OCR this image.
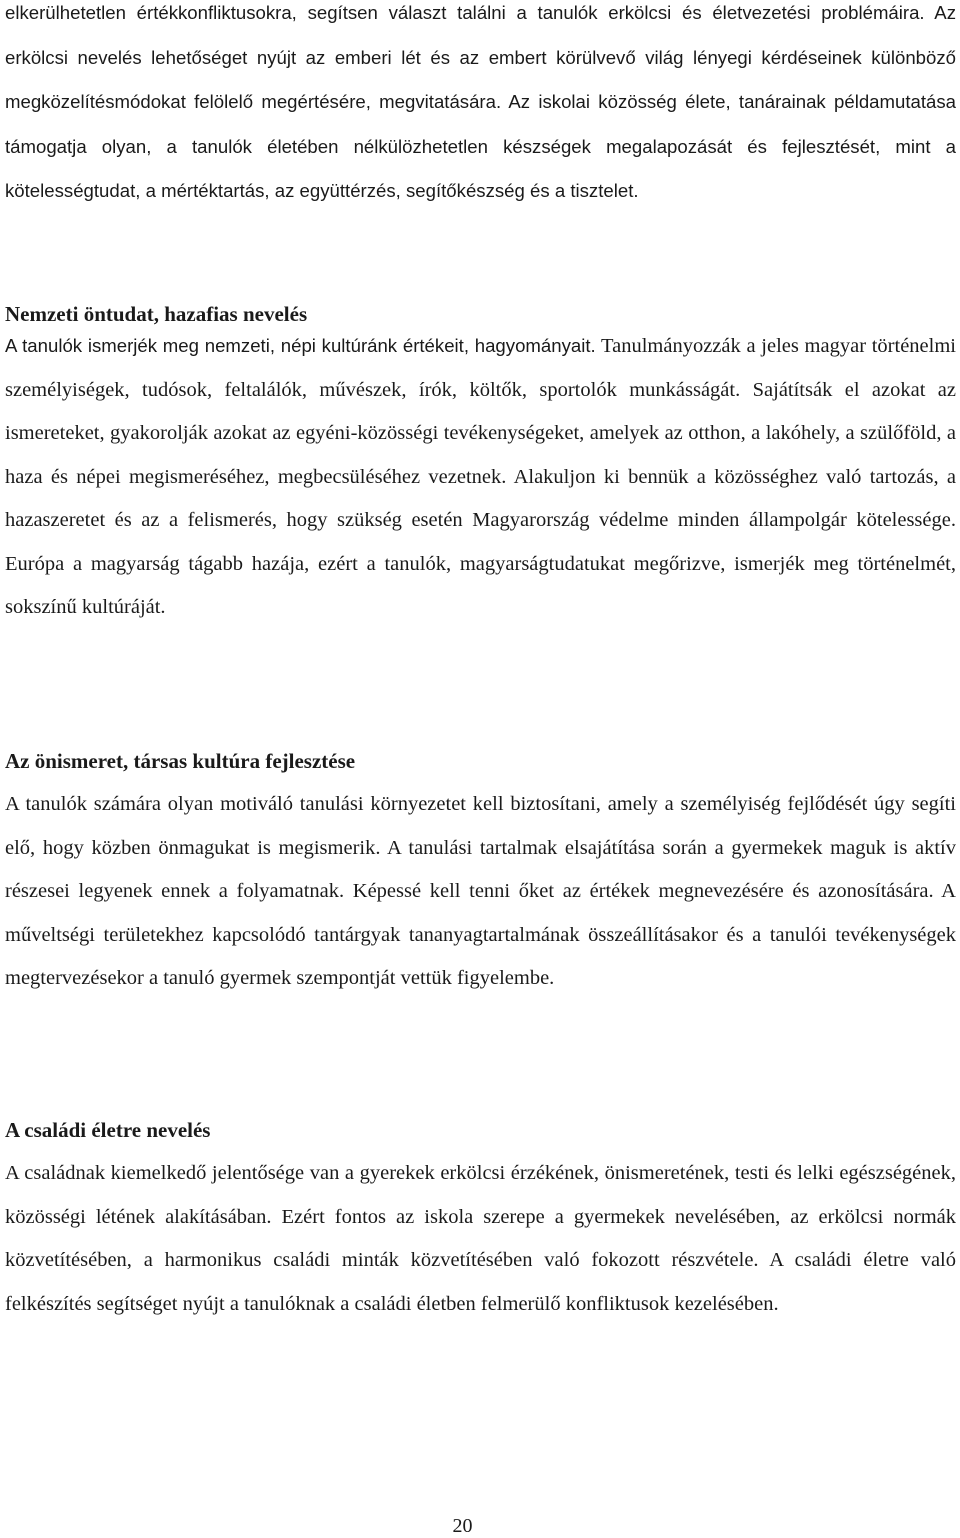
elkerülhetetlen értékkonfliktusokra, segítsen választ találni a tanulók erkölcsi és életvezetési problémáira. Az erkölcsi nevelés lehetőséget nyújt az emberi lét és az embert körülvevő világ lényegi kérdéseinek különböző megközelítésmódokat felölelő megértésére, megvitatására. Az iskolai közösség élete, tanárainak példamutatása támogatja olyan, a tanulók életében nélkülözhetetlen készségek megalapozását és fejlesztését, mint a kötelességtudat, a mértéktartás, az együttérzés, segítőkészség és a tisztelet.

Nemzeti öntudat, hazafias nevelés

A tanulók ismerjék meg nemzeti, népi kultúránk értékeit, hagyományait. Tanulmányozzák a jeles magyar történelmi személyiségek, tudósok, feltalálók, művészek, írók, költők, sportolók munkásságát. Sajátítsák el azokat az ismereteket, gyakorolják azokat az egyéni-közösségi tevékenységeket, amelyek az otthon, a lakóhely, a szülőföld, a haza és népei megismeréséhez, megbecsüléséhez vezetnek. Alakuljon ki bennük a közösséghez való tartozás, a hazaszeretet és az a felismerés, hogy szükség esetén Magyarország védelme minden állampolgár kötelessége. Európa a magyarság tágabb hazája, ezért a tanulók, magyarságtudatukat megőrizve, ismerjék meg történelmét, sokszínű kultúráját.

Az önismeret, társas kultúra fejlesztése

A tanulók számára olyan motiváló tanulási környezetet kell biztosítani, amely a személyiség fejlődését úgy segíti elő, hogy közben önmagukat is megismerik. A tanulási tartalmak elsajátítása során a gyermekek maguk is aktív részesei legyenek ennek a folyamatnak. Képessé kell tenni őket az értékek megnevezésére és azonosítására. A műveltségi területekhez kapcsolódó tantárgyak tananyagtartalmának összeállításakor és a tanulói tevékenységek megtervezésekor a tanuló gyermek szempontját vettük figyelembe.

A családi életre nevelés

A családnak kiemelkedő jelentősége van a gyerekek erkölcsi érzékének, önismeretének, testi és lelki egészségének, közösségi létének alakításában. Ezért fontos az iskola szerepe a gyermekek nevelésében, az erkölcsi normák közvetítésében, a harmonikus családi minták közvetítésében való fokozott részvétele. A családi életre való felkészítés segítséget nyújt a tanulóknak a családi életben felmerülő konfliktusok kezelésében.

20
